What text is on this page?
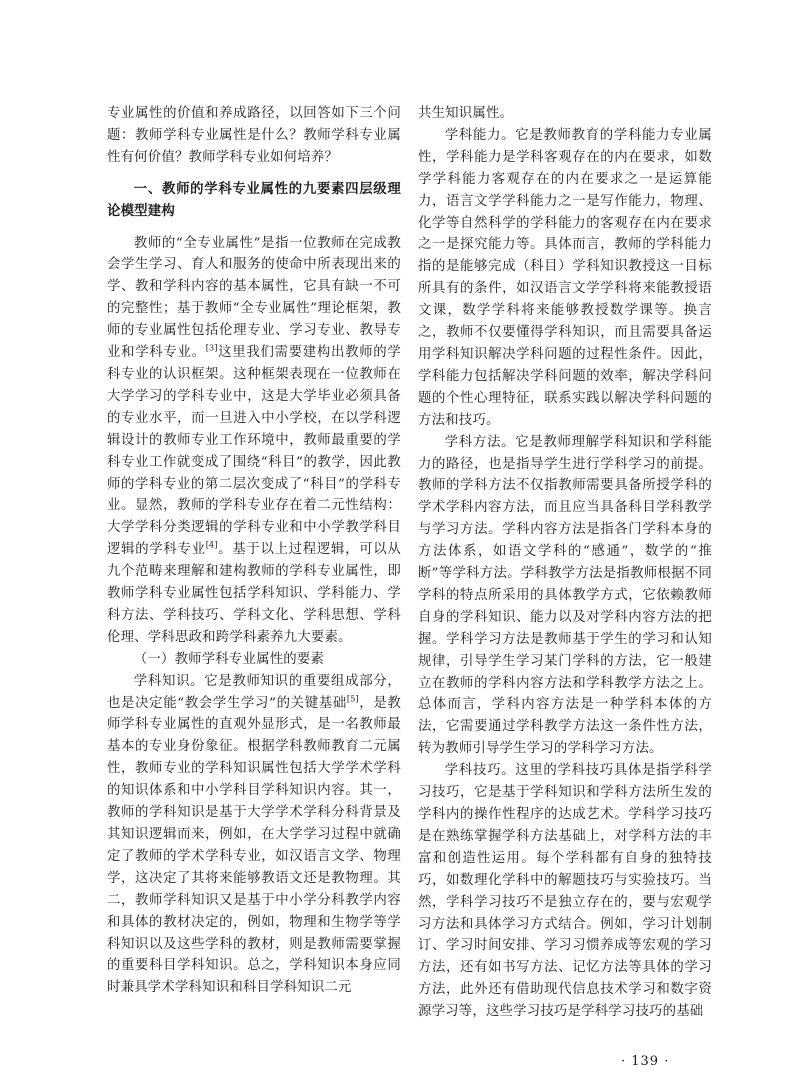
专业属性的价值和养成路径，以回答如下三个问题：教师学科专业属性是什么？教师学科专业属性有何价值？教师学科专业如何培养？

一、教师的学科专业属性的九要素四层级理论模型建构

教师的“全专业属性”是指一位教师在完成教会学生学习、育人和服务的使命中所表现出来的学、教和学科内容的基本属性，它具有缺一不可的完整性；基于教师“全专业属性”理论框架，教师的专业属性包括伦理专业、学习专业、教导专业和学科专业。[3]这里我们需要建构出教师的学科专业的认识框架。这种框架表现在一位教师在大学学习的学科专业中，这是大学毕业必须具备的专业水平，而一旦进入中小学校，在以学科逻辑设计的教师专业工作环境中，教师最重要的学科专业工作就变成了围绕“科目”的教学，因此教师的学科专业的第二层次变成了“科目”的学科专业。显然，教师的学科专业存在着二元性结构：大学学科分类逻辑的学科专业和中小学教学科目逻辑的学科专业[4]。基于以上过程逻辑，可以从九个范畴来理解和建构教师的学科专业属性，即教师学科专业属性包括学科知识、学科能力、学科方法、学科技巧、学科文化、学科思想、学科伦理、学科思政和跨学科素养九大要素。

（一）教师学科专业属性的要素

学科知识。它是教师知识的重要组成部分，也是决定能“教会学生学习”的关键基础[5]，是教师学科专业属性的直观外显形式，是一名教师最基本的专业身份象征。根据学科教师教育二元属性，教师专业的学科知识属性包括大学学术学科的知识体系和中小学科目学科知识内容。其一，教师的学科知识是基于大学学术学科分科背景及其知识逻辑而来，例如，在大学学习过程中就确定了教师的学术学科专业，如汉语言文学、物理学，这决定了其将来能够教语文还是教物理。其二，教师学科知识又是基于中小学分科教学内容和具体的教材决定的，例如，物理和生物学等学科知识以及这些学科的教材，则是教师需要掌握的重要科目学科知识。总之，学科知识本身应同时兼具学术学科知识和科目学科知识二元

共生知识属性。

学科能力。它是教师教育的学科能力专业属性，学科能力是学科客观存在的内在要求，如数学学科能力客观存在的内在要求之一是运算能力，语言文学学科能力之一是写作能力，物理、化学等自然科学的学科能力的客观存在内在要求之一是探究能力等。具体而言，教师的学科能力指的是能够完成（科目）学科知识教授这一目标所具有的条件，如汉语言文学学科将来能教授语文课，数学学科将来能够教授数学课等。换言之，教师不仅要懂得学科知识，而且需要具备运用学科知识解决学科问题的过程性条件。因此，学科能力包括解决学科问题的效率，解决学科问题的个性心理特征，联系实践以解决学科问题的方法和技巧。

学科方法。它是教师理解学科知识和学科能力的路径，也是指导学生进行学科学习的前提。教师的学科方法不仅指教师需要具备所授学科的学术学科内容方法，而且应当具备科目学科教学与学习方法。学科内容方法是指各门学科本身的方法体系，如语文学科的“感通”，数学的“推断”等学科方法。学科教学方法是指教师根据不同学科的特点所采用的具体教学方式，它依赖教师自身的学科知识、能力以及对学科内容方法的把握。学科学习方法是教师基于学生的学习和认知规律，引导学生学习某门学科的方法，它一般建立在教师的学科内容方法和学科教学方法之上。总体而言，学科内容方法是一种学科本体的方法，它需要通过学科教学方法这一条件性方法，转为教师引导学生学习的学科学习方法。

学科技巧。这里的学科技巧具体是指学科学习技巧，它是基于学科知识和学科方法所生发的学科内的操作性程序的达成艺术。学科学习技巧是在熟练掌握学科方法基础上，对学科方法的丰富和创造性运用。每个学科都有自身的独特技巧，如数理化学科中的解题技巧与实验技巧。当然，学科学习技巧不是独立存在的，要与宏观学习方法和具体学习方式结合。例如，学习计划制订、学习时间安排、学习习惯养成等宏观的学习方法，还有如书写方法、记忆方法等具体的学习方法，此外还有借助现代信息技术学习和数字资源学习等，这些学习技巧是学科学习技巧的基础

· 139 ·
